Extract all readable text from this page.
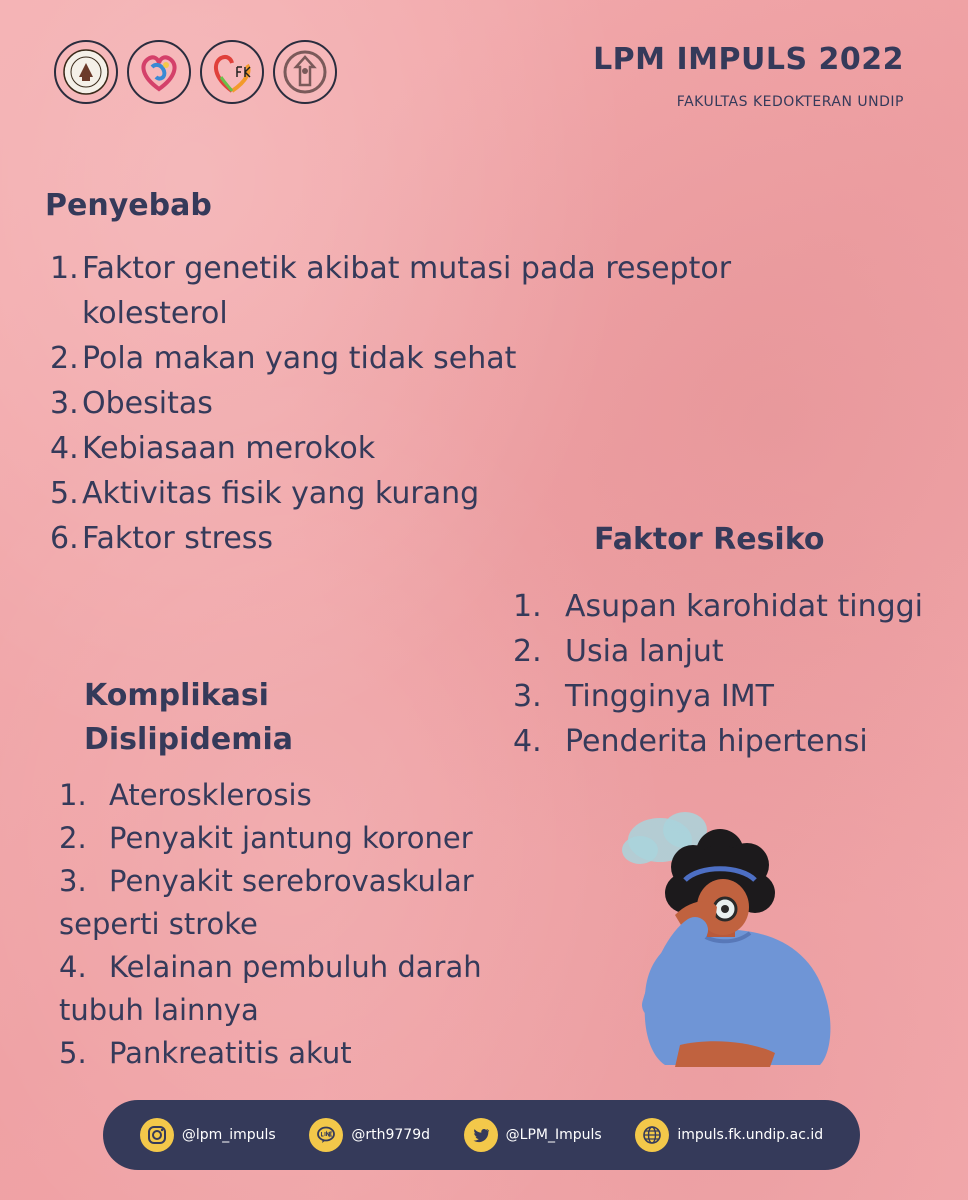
LPM IMPULS 2022
FAKULTAS KEDOKTERAN UNDIP
Penyebab
1. Faktor genetik akibat mutasi pada reseptor kolesterol
2. Pola makan yang tidak sehat
3. Obesitas
4. Kebiasaan merokok
5. Aktivitas fisik yang kurang
6. Faktor stress	Faktor Resiko
1. Asupan karohidat tinggi
2. Usia lanjut
3. Tingginya IMT
4. Penderita hipertensi
Komplikasi Dislipidemia
1. Aterosklerosis
2. Penyakit jantung koroner
3. Penyakit serebrovaskular seperti stroke
4. Kelainan pembuluh darah tubuh lainnya
5. Pankreatitis akut
@lpm_impuls	@rth9779d	@LPM_Impuls	impuls.fk.undip.ac.id
